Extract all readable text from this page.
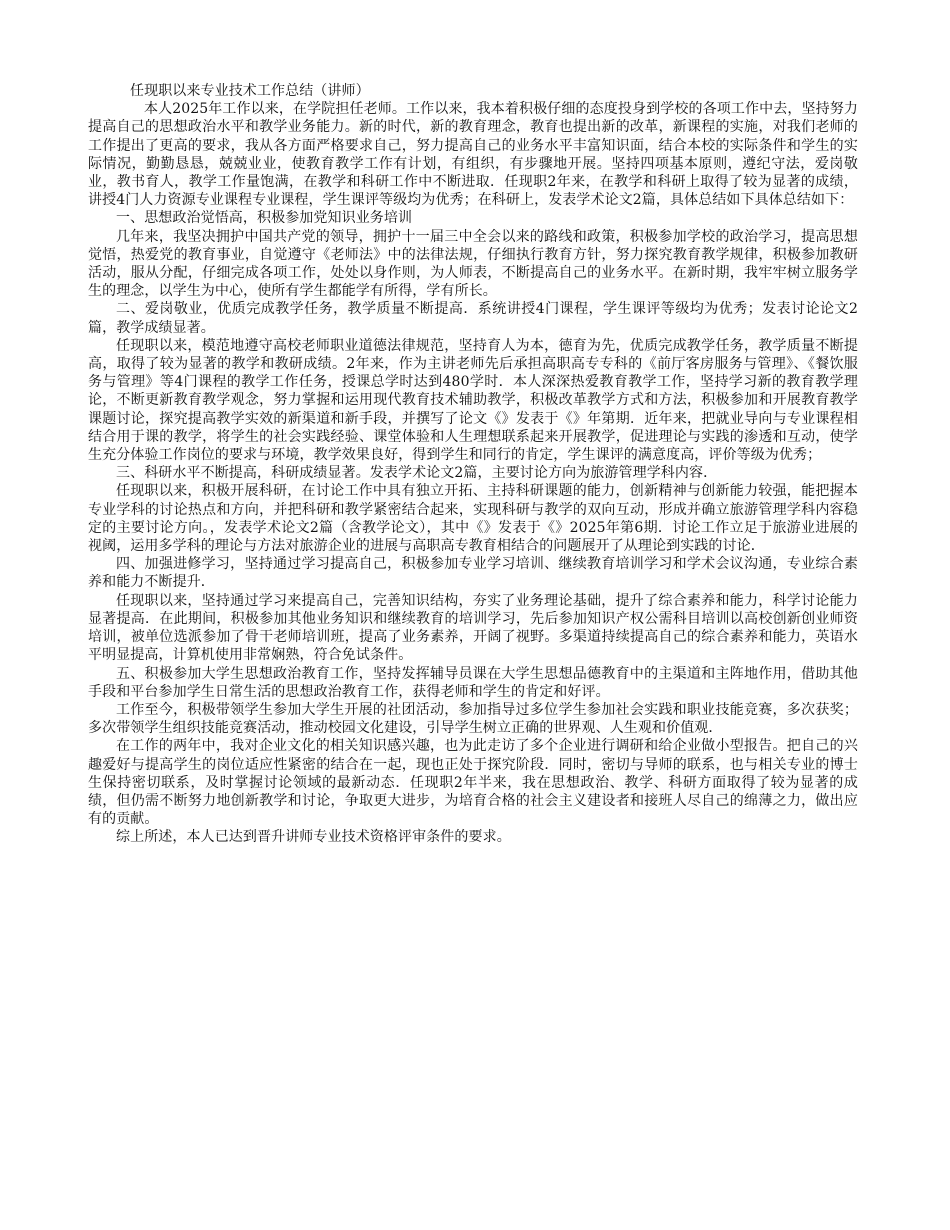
任现职以来专业技术工作总结（讲师）

本人2025年工作以来，在学院担任老师。工作以来，我本着积极仔细的态度投身到学校的各项工作中去，坚持努力提高自己的思想政治水平和教学业务能力。新的时代，新的教育理念，教育也提出新的改革，新课程的实施，对我们老师的工作提出了更高的要求，我从各方面严格要求自己，努力提高自己的业务水平丰富知识面，结合本校的实际条件和学生的实际情况，勤勤恳恳，兢兢业业，使教育教学工作有计划，有组织，有步骤地开展。坚持四项基本原则，遵纪守法，爱岗敬业，教书育人，教学工作量饱满，在教学和科研工作中不断进取．任现职2年来，在教学和科研上取得了较为显著的成绩，讲授4门人力资源专业课程专业课程，学生课评等级均为优秀；在科研上，发表学术论文2篇，具体总结如下具体总结如下：

一、思想政治觉悟高，积极参加党知识业务培训

几年来，我坚决拥护中国共产党的领导，拥护十一届三中全会以来的路线和政策，积极参加学校的政治学习，提高思想觉悟，热爱党的教育事业，自觉遵守《老师法》中的法律法规，仔细执行教育方针，努力探究教育教学规律，积极参加教研活动，服从分配，仔细完成各项工作，处处以身作则，为人师表，不断提高自己的业务水平。在新时期，我牢牢树立服务学生的理念，以学生为中心，使所有学生都能学有所得，学有所长。

二、爱岗敬业，优质完成教学任务，教学质量不断提高．系统讲授4门课程，学生课评等级均为优秀；发表讨论论文2篇，教学成绩显著。

任现职以来，模范地遵守高校老师职业道德法律规范，坚持育人为本，德育为先，优质完成教学任务，教学质量不断提高，取得了较为显著的教学和教研成绩。2年来，作为主讲老师先后承担高职高专专科的《前厅客房服务与管理》、《餐饮服务与管理》等4门课程的教学工作任务，授课总学时达到480学时．本人深深热爱教育教学工作，坚持学习新的教育教学理论，不断更新教育教学观念，努力掌握和运用现代教育技术辅助教学，积极改革教学方式和方法，积极参加和开展教育教学课题讨论，探究提高教学实效的新渠道和新手段，并撰写了论文《》发表于《》年第期．近年来，把就业导向与专业课程相结合用于课的教学，将学生的社会实践经验、课堂体验和人生理想联系起来开展教学，促进理论与实践的渗透和互动，使学生充分体验工作岗位的要求与环境，教学效果良好，得到学生和同行的肯定，学生课评的满意度高，评价等级为优秀；

三、科研水平不断提高，科研成绩显著。发表学术论文2篇，主要讨论方向为旅游管理学科内容．

任现职以来，积极开展科研，在讨论工作中具有独立开拓、主持科研课题的能力，创新精神与创新能力较强，能把握本专业学科的讨论热点和方向，并把科研和教学紧密结合起来，实现科研与教学的双向互动，形成并确立旅游管理学科内容稳定的主要讨论方向。，发表学术论文2篇（含教学论文），其中《》发表于《》2025年第6期．讨论工作立足于旅游业进展的视阈，运用多学科的理论与方法对旅游企业的进展与高职高专教育相结合的问题展开了从理论到实践的讨论．

四、加强进修学习，坚持通过学习提高自己，积极参加专业学习培训、继续教育培训学习和学术会议沟通，专业综合素养和能力不断提升．

任现职以来，坚持通过学习来提高自己，完善知识结构，夯实了业务理论基础，提升了综合素养和能力，科学讨论能力显著提高．在此期间，积极参加其他业务知识和继续教育的培训学习，先后参加知识产权公需科目培训以高校创新创业师资培训，被单位选派参加了骨干老师培训班，提高了业务素养，开阔了视野。多渠道持续提高自己的综合素养和能力，英语水平明显提高，计算机使用非常娴熟，符合免试条件。

五、积极参加大学生思想政治教育工作，坚持发挥辅导员课在大学生思想品德教育中的主渠道和主阵地作用，借助其他手段和平台参加学生日常生活的思想政治教育工作，获得老师和学生的肯定和好评。

工作至今，积极带领学生参加大学生开展的社团活动，参加指导过多位学生参加社会实践和职业技能竞赛，多次获奖；多次带领学生组织技能竞赛活动，推动校园文化建设，引导学生树立正确的世界观、人生观和价值观．

在工作的两年中，我对企业文化的相关知识感兴趣，也为此走访了多个企业进行调研和给企业做小型报告。把自己的兴趣爱好与提高学生的岗位适应性紧密的结合在一起，现也正处于探究阶段．同时，密切与导师的联系，也与相关专业的博士生保持密切联系，及时掌握讨论领域的最新动态．任现职2年半来，我在思想政治、教学、科研方面取得了较为显著的成绩，但仍需不断努力地创新教学和讨论，争取更大进步，为培育合格的社会主义建设者和接班人尽自己的绵薄之力，做出应有的贡献。

综上所述，本人已达到晋升讲师专业技术资格评审条件的要求。
